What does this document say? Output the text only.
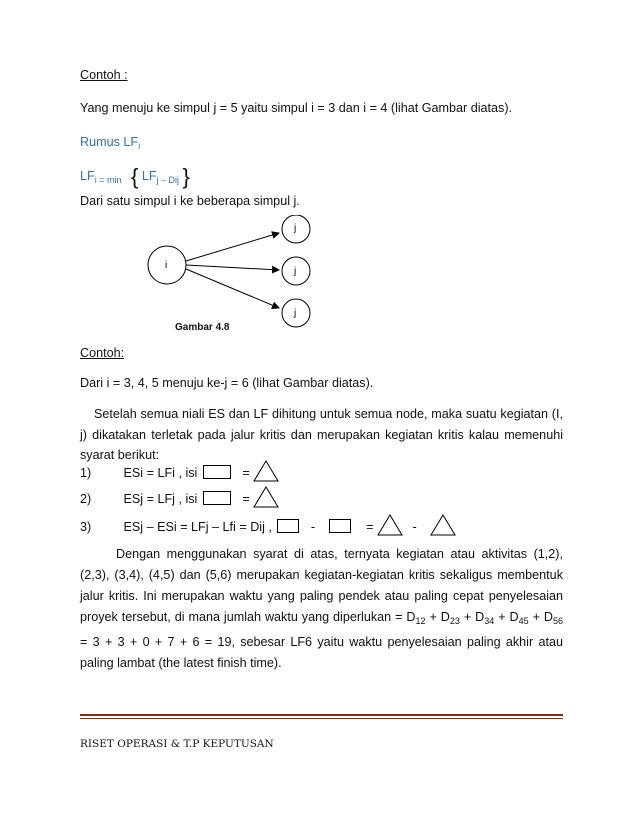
Contoh :
Yang menuju ke simpul j = 5 yaitu simpul i = 3 dan i = 4 (lihat Gambar diatas).
Rumus $LF_i$
$LF_{i = min}$ { $LF_{j - Dij}$ }
Dari satu simpul i ke beberapa simpul j.
i
j
j
j
Gambar 4.8
Contoh:
Dari i = 3, 4, 5 menuju ke-j = 6 (lihat Gambar diatas).
Setelah semua niali ES dan LF dihitung untuk semua node, maka suatu kegiatan (I, j) dikatakan terletak pada jalur kritis dan merupakan kegiatan kritis kalau memenuhi syarat berikut:
1)	ESi = LFi , isi	=
2)	ESj = LFj , isi	=
3)	ESj – ESi = LFj – Lfi = Dij ,	-	=	-
Dengan menggunakan syarat di atas, ternyata kegiatan atau aktivitas (1,2), (2,3), (3,4), (4,5) dan (5,6) merupakan kegiatan-kegiatan kritis sekaligus membentuk jalur kritis. Ini merupakan waktu yang paling pendek atau paling cepat penyelesaian proyek tersebut, di mana jumlah waktu yang diperlukan = $D_{12} + D_{23} + D_{34} + D_{45} + D_{56} = 3 + 3 + 0 + 7 + 6 = 19$, sebesar LF6 yaitu waktu penyelesaian paling akhir atau paling lambat (the latest finish time).
RISET OPERASI & T.P KEPUTUSAN
